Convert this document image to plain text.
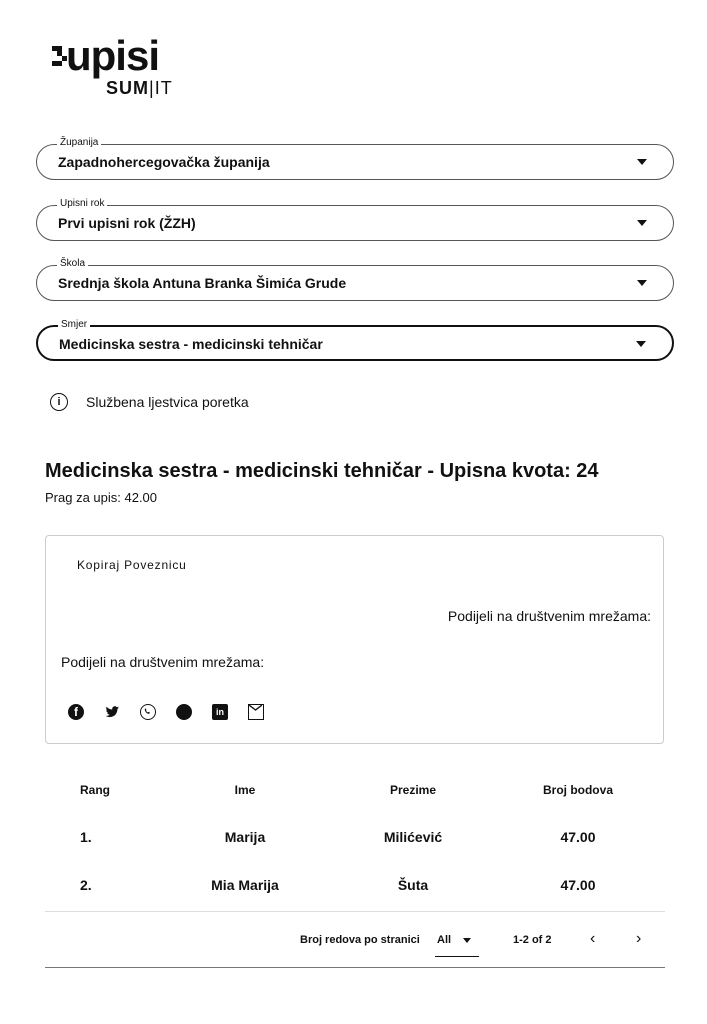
upisi
SUM|IT
Županija
Zapadnohercegovačka županija
Upisni rok
Prvi upisni rok (ŽZH)
Škola
Srednja škola Antuna Branka Šimića Grude
Smjer
Medicinska sestra - medicinski tehničar
i	Službena ljestvica poretka
Medicinska sestra - medicinski tehničar - Upisna kvota: 24
Prag za upis: 42.00
Kopiraj Poveznicu
Podijeli na društvenim mrežama:
Podijeli na društvenim mrežama:
f	in
Rang	Ime	Prezime	Broj bodova
1.	Marija	Milićević	47.00
2.	Mia Marija	Šuta	47.00
Broj redova po stranici All	1-2 of 2 ‹	›
